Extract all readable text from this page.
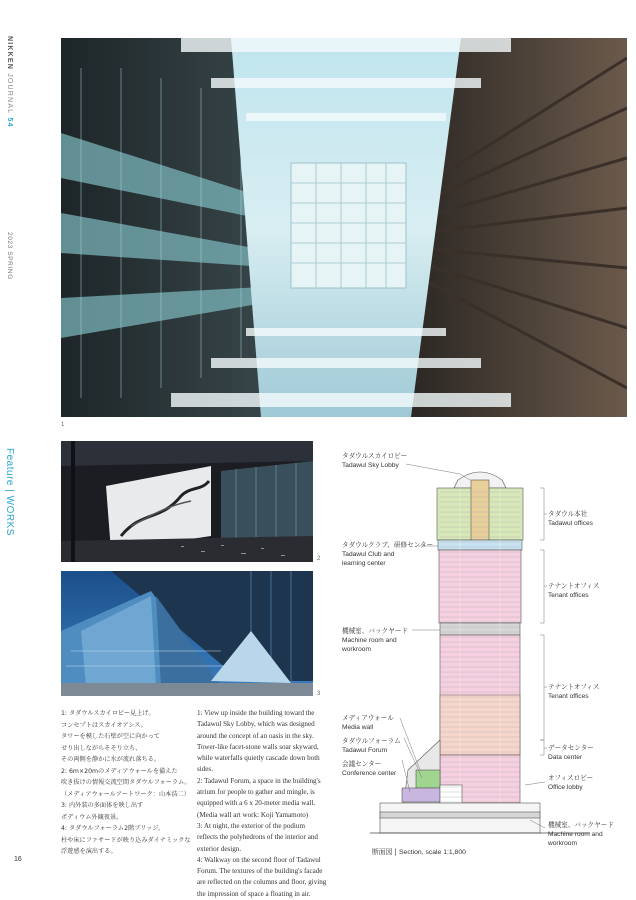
NIKKEN JOURNAL 54
2023 SPRING
Feature | WORKS
16
1
2
3
1: タダウルスカイロビー見上げ。
コンセプトはスカイオアシス。
タワーを模した石壁が空に向かって
せり出しながらそそり立ち、
その両側を静かに水が流れ落ちる。
2: 6m×20mのメディアウォールを備えた
吹き抜けの情報交流空間タダウルフォーラム。
（メディアウォールアートワーク：山本浩二）
3: 内外装の多面体を映し出す
ポディウム外観夜景。
4: タダウルフォーラム2階ブリッジ。
柱や床にファサードが映り込みダイナミックな
浮遊感を演出する。
1: View up inside the building toward the
Tadawul Sky Lobby, which was designed
around the concept of an oasis in the sky.
Tower-like facet-stone walls soar skyward,
while waterfalls quietly cascade down both
sides.
2: Tadawul Forum, a space in the building's
atrium for people to gather and mingle, is
equipped with a 6 x 20-meter media wall.
(Media wall art work: Koji Yamamoto)
3: At night, the exterior of the podium
reflects the polyhedrons of the interior and
exterior design.
4: Walkway on the second floor of Tadawul
Forum. The textures of the building's facade
are reflected on the columns and floor, giving
the impression of space a floating in air.
タダウルスカイロビー
Tadawul Sky Lobby
タダウルクラブ、研修センター
Tadawul Club and
learning center
機械室、バックヤード
Machine room and
workroom
メディアウォール
Media wall
タダウルフォーラム
Tadawul Forum
会議センター
Conference center
タダウル本社
Tadawul offices
テナントオフィス
Tenant offices
テナントオフィス
Tenant offices
データセンター
Data center
オフィスロビー
Office lobby
機械室、バックヤード
Machine room and
workroom
断面図 | Section, scale 1:1,800
